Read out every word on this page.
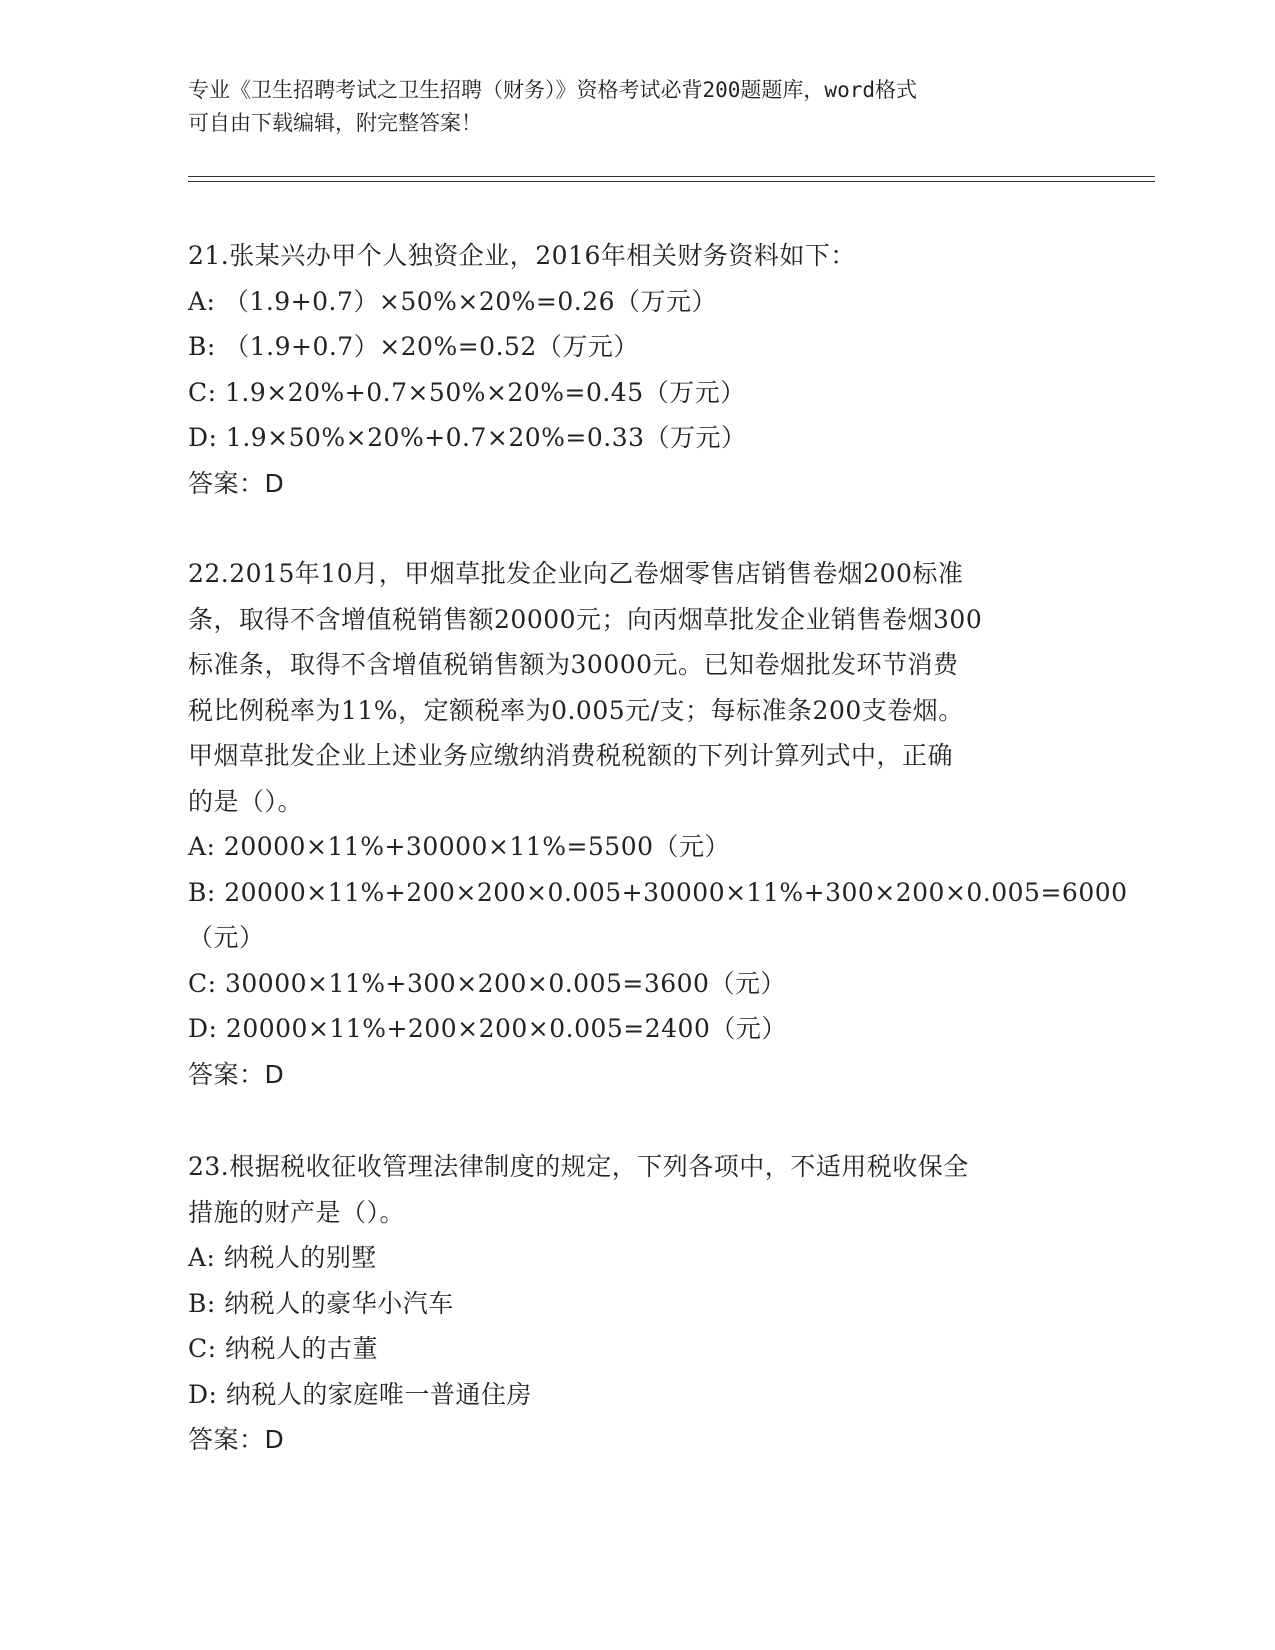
专业《卫生招聘考试之卫生招聘（财务）》资格考试必背200题题库，word格式
可自由下载编辑，附完整答案！
21.张某兴办甲个人独资企业，2016年相关财务资料如下：
A: （1.9+0.7）×50%×20%=0.26（万元）
B: （1.9+0.7）×20%=0.52（万元）
C: 1.9×20%+0.7×50%×20%=0.45（万元）
D: 1.9×50%×20%+0.7×20%=0.33（万元）
答案：D
22.2015年10月，甲烟草批发企业向乙卷烟零售店销售卷烟200标准
条，取得不含增值税销售额20000元；向丙烟草批发企业销售卷烟300
标准条，取得不含增值税销售额为30000元。已知卷烟批发环节消费
税比例税率为11%，定额税率为0.005元/支；每标准条200支卷烟。
甲烟草批发企业上述业务应缴纳消费税税额的下列计算列式中，正确
的是（）。
A: 20000×11%+30000×11%=5500（元）
B: 20000×11%+200×200×0.005+30000×11%+300×200×0.005=6000
（元）
C: 30000×11%+300×200×0.005=3600（元）
D: 20000×11%+200×200×0.005=2400（元）
答案：D
23.根据税收征收管理法律制度的规定，下列各项中，不适用税收保全
措施的财产是（）。
A: 纳税人的别墅
B: 纳税人的豪华小汽车
C: 纳税人的古董
D: 纳税人的家庭唯一普通住房
答案：D
